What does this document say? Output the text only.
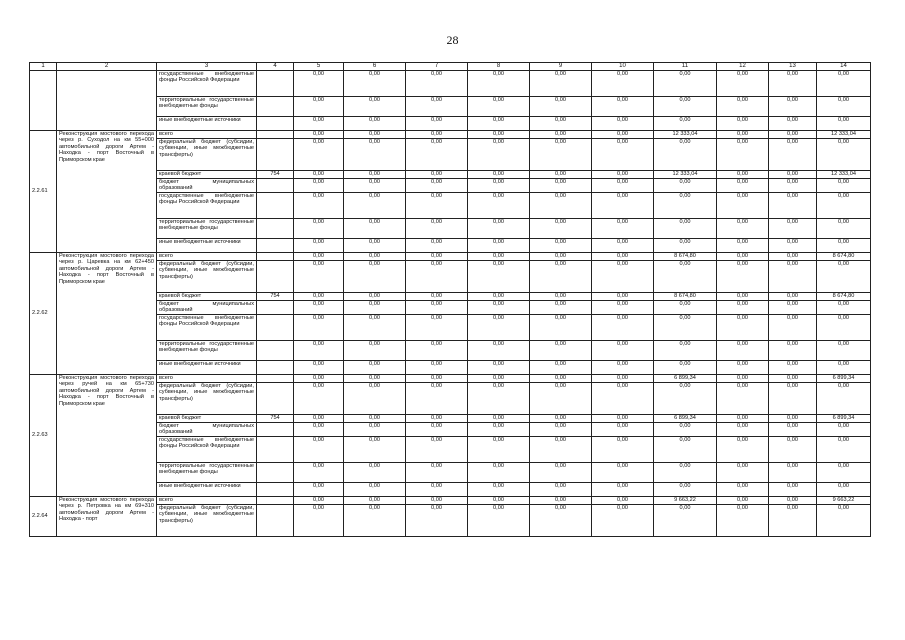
28
1	2	3	4	5	6	7	8	9	10	11	12	13	14
		государственные внебюджетные фонды Российской Федерации		0,00	0,00	0,00	0,00	0,00	0,00	0,00	0,00	0,00	0,00
		территориальные государственные внебюджетные фонды		0,00	0,00	0,00	0,00	0,00	0,00	0,00	0,00	0,00	0,00
		иные внебюджетные источники		0,00	0,00	0,00	0,00	0,00	0,00	0,00	0,00	0,00	0,00
2.2.61	Реконструкция мостового перехода через р. Суходол на км 55+000 автомобильной дороги Артем - Находка - порт Восточный в Приморском крае	всего		0,00	0,00	0,00	0,00	0,00	0,00	12 333,04	0,00	0,00	12 333,04
		федеральный бюджет (субсидии, субвенции, иные межбюджетные трансферты)		0,00	0,00	0,00	0,00	0,00	0,00	0,00	0,00	0,00	0,00
		краевой бюджет	754	0,00	0,00	0,00	0,00	0,00	0,00	12 333,04	0,00	0,00	12 333,04
		бюджет муниципальных образований		0,00	0,00	0,00	0,00	0,00	0,00	0,00	0,00	0,00	0,00
		государственные внебюджетные фонды Российской Федерации		0,00	0,00	0,00	0,00	0,00	0,00	0,00	0,00	0,00	0,00
		территориальные государственные внебюджетные фонды		0,00	0,00	0,00	0,00	0,00	0,00	0,00	0,00	0,00	0,00
		иные внебюджетные источники		0,00	0,00	0,00	0,00	0,00	0,00	0,00	0,00	0,00	0,00
2.2.62	Реконструкция мостового перехода через р. Царевка на км 62+450 автомобильной дороги Артем - Находка - порт Восточный в Приморском крае	всего		0,00	0,00	0,00	0,00	0,00	0,00	8 674,80	0,00	0,00	8 674,80
		федеральный бюджет (субсидии, субвенции, иные межбюджетные трансферты)		0,00	0,00	0,00	0,00	0,00	0,00	0,00	0,00	0,00	0,00
		краевой бюджет	754	0,00	0,00	0,00	0,00	0,00	0,00	8 674,80	0,00	0,00	8 674,80
		бюджет муниципальных образований		0,00	0,00	0,00	0,00	0,00	0,00	0,00	0,00	0,00	0,00
		государственные внебюджетные фонды Российской Федерации		0,00	0,00	0,00	0,00	0,00	0,00	0,00	0,00	0,00	0,00
		территориальные государственные внебюджетные фонды		0,00	0,00	0,00	0,00	0,00	0,00	0,00	0,00	0,00	0,00
		иные внебюджетные источники		0,00	0,00	0,00	0,00	0,00	0,00	0,00	0,00	0,00	0,00
2.2.63	Реконструкция мостового перехода через ручей на км 65+730 автомобильной дороги Артем - Находка - порт Восточный в Приморском крае	всего		0,00	0,00	0,00	0,00	0,00	0,00	6 899,34	0,00	0,00	6 899,34
		федеральный бюджет (субсидии, субвенции, иные межбюджетные трансферты)		0,00	0,00	0,00	0,00	0,00	0,00	0,00	0,00	0,00	0,00
		краевой бюджет	754	0,00	0,00	0,00	0,00	0,00	0,00	6 899,34	0,00	0,00	6 899,34
		бюджет муниципальных образований		0,00	0,00	0,00	0,00	0,00	0,00	0,00	0,00	0,00	0,00
		государственные внебюджетные фонды Российской Федерации		0,00	0,00	0,00	0,00	0,00	0,00	0,00	0,00	0,00	0,00
		территориальные государственные внебюджетные фонды		0,00	0,00	0,00	0,00	0,00	0,00	0,00	0,00	0,00	0,00
		иные внебюджетные источники		0,00	0,00	0,00	0,00	0,00	0,00	0,00	0,00	0,00	0,00
2.2.64	Реконструкция мостового перехода через р. Петровка на км 69+310 автомобильной дороги Артем - Находка - порт	всего		0,00	0,00	0,00	0,00	0,00	0,00	9 663,22	0,00	0,00	9 663,22
		федеральный бюджет (субсидии, субвенции, иные межбюджетные трансферты)		0,00	0,00	0,00	0,00	0,00	0,00	0,00	0,00	0,00	0,00
